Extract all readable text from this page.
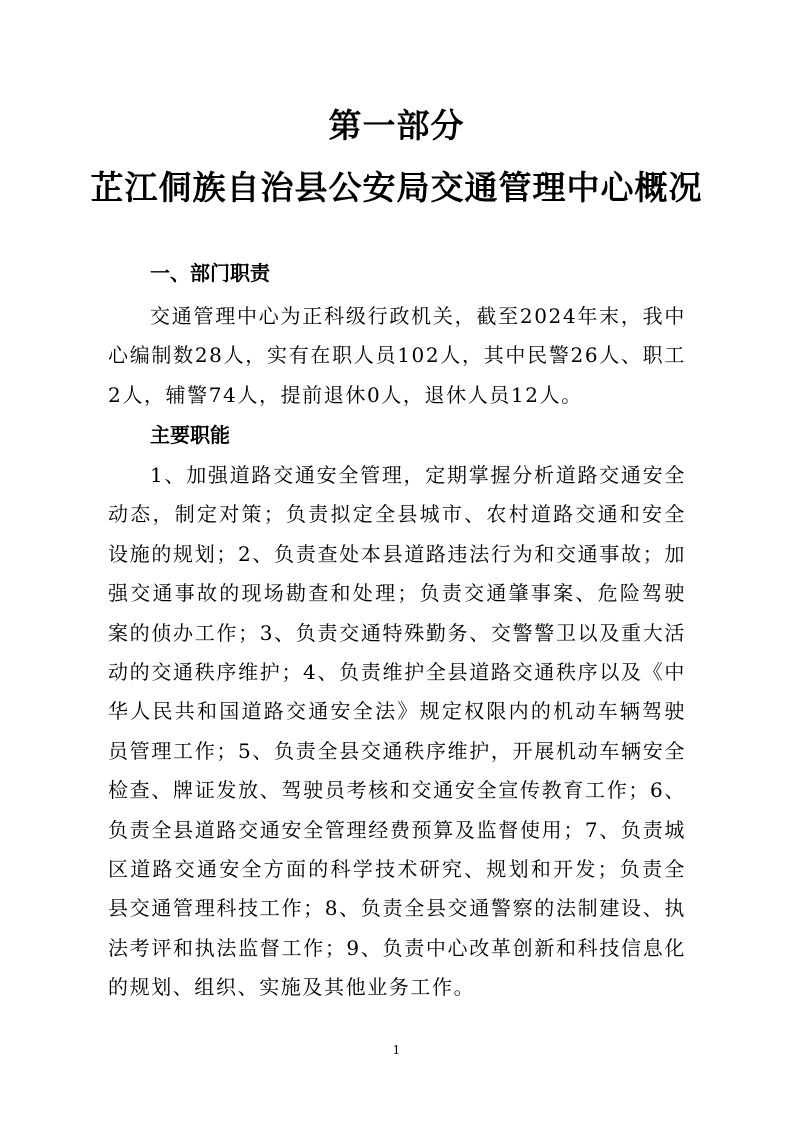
第一部分
芷江侗族自治县公安局交通管理中心概况
一、部门职责

交通管理中心为正科级行政机关，截至2024年末，我中心编制数28人，实有在职人员102人，其中民警26人、职工2人，辅警74人，提前退休0人，退休人员12人。

主要职能

1、加强道路交通安全管理，定期掌握分析道路交通安全动态，制定对策；负责拟定全县城市、农村道路交通和安全设施的规划；2、负责查处本县道路违法行为和交通事故；加强交通事故的现场勘查和处理；负责交通肇事案、危险驾驶案的侦办工作；3、负责交通特殊勤务、交警警卫以及重大活动的交通秩序维护；4、负责维护全县道路交通秩序以及《中华人民共和国道路交通安全法》规定权限内的机动车辆驾驶员管理工作；5、负责全县交通秩序维护，开展机动车辆安全检查、牌证发放、驾驶员考核和交通安全宣传教育工作；6、负责全县道路交通安全管理经费预算及监督使用；7、负责城区道路交通安全方面的科学技术研究、规划和开发；负责全县交通管理科技工作；8、负责全县交通警察的法制建设、执法考评和执法监督工作；9、负责中心改革创新和科技信息化的规划、组织、实施及其他业务工作。

1
